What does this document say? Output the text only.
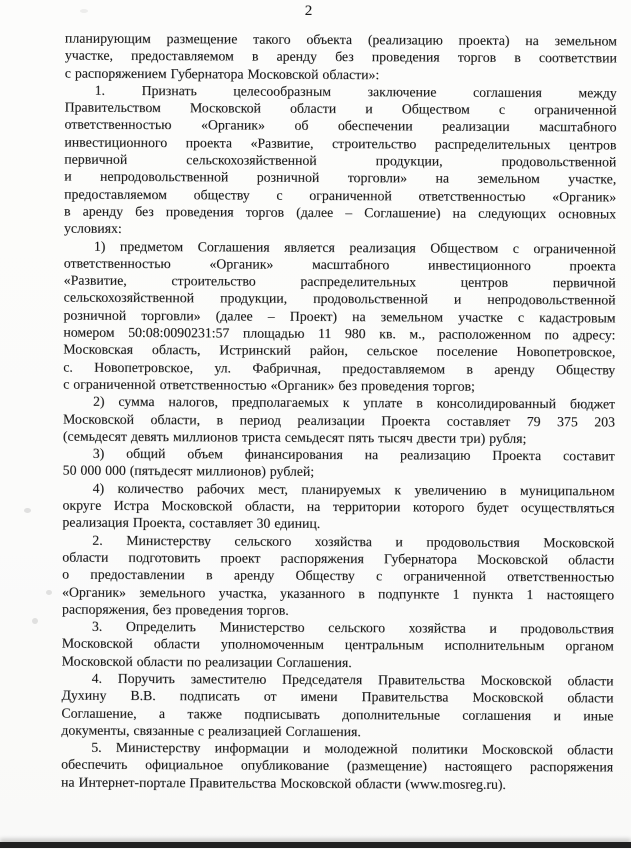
2
планирующим размещение такого объекта (реализацию проекта) на земельном
участке, предоставляемом в аренду без проведения торгов в соответствии
с распоряжением Губернатора Московской области»:
1. Признать целесообразным заключение соглашения между
Правительством Московской области и Обществом с ограниченной
ответственностью «Органик» об обеспечении реализации масштабного
инвестиционного проекта «Развитие, строительство распределительных центров
первичной сельскохозяйственной продукции, продовольственной
и непродовольственной розничной торговли» на земельном участке,
предоставляемом обществу с ограниченной ответственностью «Органик»
в аренду без проведения торгов (далее – Соглашение) на следующих основных
условиях:
1) предметом Соглашения является реализация Обществом с ограниченной
ответственностью «Органик» масштабного инвестиционного проекта
«Развитие, строительство распределительных центров первичной
сельскохозяйственной продукции, продовольственной и непродовольственной
розничной торговли» (далее – Проект) на земельном участке с кадастровым
номером 50:08:0090231:57 площадью 11 980 кв. м., расположенном по адресу:
Московская область, Истринский район, сельское поселение Новопетровское,
с. Новопетровское, ул. Фабричная, предоставляемом в аренду Обществу
с ограниченной ответственностью «Органик» без проведения торгов;
2) сумма налогов, предполагаемых к уплате в консолидированный бюджет
Московской области, в период реализации Проекта составляет 79 375 203
(семьдесят девять миллионов триста семьдесят пять тысяч двести три) рубля;
3) общий объем финансирования на реализацию Проекта составит
50 000 000 (пятьдесят миллионов) рублей;
4) количество рабочих мест, планируемых к увеличению в муниципальном
округе Истра Московской области, на территории которого будет осуществляться
реализация Проекта, составляет 30 единиц.
2. Министерству сельского хозяйства и продовольствия Московской
области подготовить проект распоряжения Губернатора Московской области
о предоставлении в аренду Обществу с ограниченной ответственностью
«Органик» земельного участка, указанного в подпункте 1 пункта 1 настоящего
распоряжения, без проведения торгов.
3. Определить Министерство сельского хозяйства и продовольствия
Московской области уполномоченным центральным исполнительным органом
Московской области по реализации Соглашения.
4. Поручить заместителю Председателя Правительства Московской области
Духину В.В. подписать от имени Правительства Московской области
Соглашение, а также подписывать дополнительные соглашения и иные
документы, связанные с реализацией Соглашения.
5. Министерству информации и молодежной политики Московской области
обеспечить официальное опубликование (размещение) настоящего распоряжения
на Интернет-портале Правительства Московской области (www.mosreg.ru).
